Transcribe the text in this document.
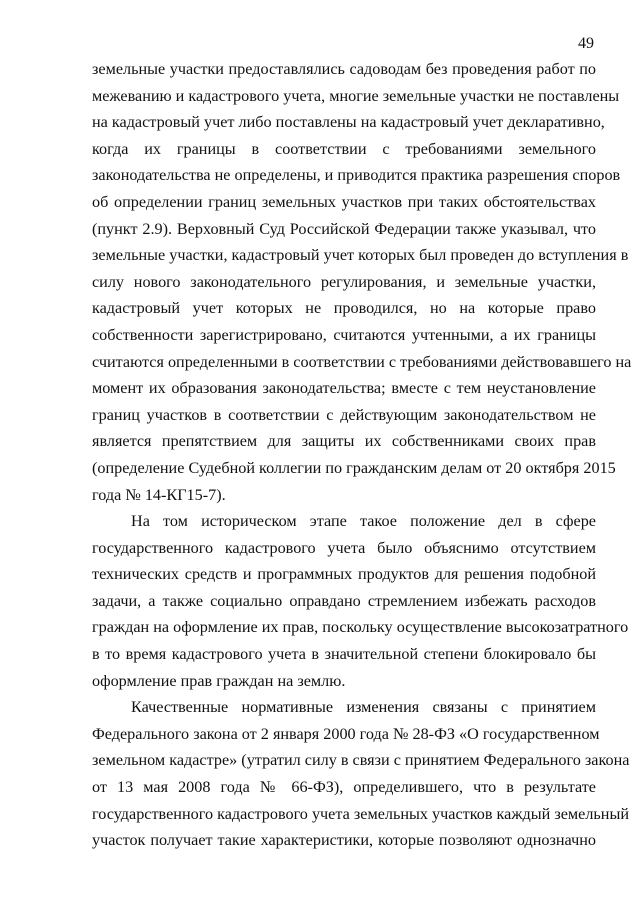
49
земельные участки предоставлялись садоводам без проведения работ по
межеванию и кадастрового учета, многие земельные участки не поставлены
на кадастровый учет либо поставлены на кадастровый учет декларативно,
когда их границы в соответствии с требованиями земельного
законодательства не определены, и приводится практика разрешения споров
об определении границ земельных участков при таких обстоятельствах
(пункт 2.9). Верховный Суд Российской Федерации также указывал, что
земельные участки, кадастровый учет которых был проведен до вступления в
силу нового законодательного регулирования, и земельные участки,
кадастровый учет которых не проводился, но на которые право
собственности зарегистрировано, считаются учтенными, а их границы
считаются определенными в соответствии с требованиями действовавшего на
момент их образования законодательства; вместе с тем неустановление
границ участков в соответствии с действующим законодательством не
является препятствием для защиты их собственниками своих прав
(определение Судебной коллегии по гражданским делам от 20 октября 2015
года № 14-КГ15-7).
На том историческом этапе такое положение дел в сфере
государственного кадастрового учета было объяснимо отсутствием
технических средств и программных продуктов для решения подобной
задачи, а также социально оправдано стремлением избежать расходов
граждан на оформление их прав, поскольку осуществление высокозатратного
в то время кадастрового учета в значительной степени блокировало бы
оформление прав граждан на землю.
Качественные нормативные изменения связаны с принятием
Федерального закона от 2 января 2000 года № 28-ФЗ «О государственном
земельном кадастре» (утратил силу в связи с принятием Федерального закона
от 13 мая 2008 года № 66-ФЗ), определившего, что в результате
государственного кадастрового учета земельных участков каждый земельный
участок получает такие характеристики, которые позволяют однозначно
